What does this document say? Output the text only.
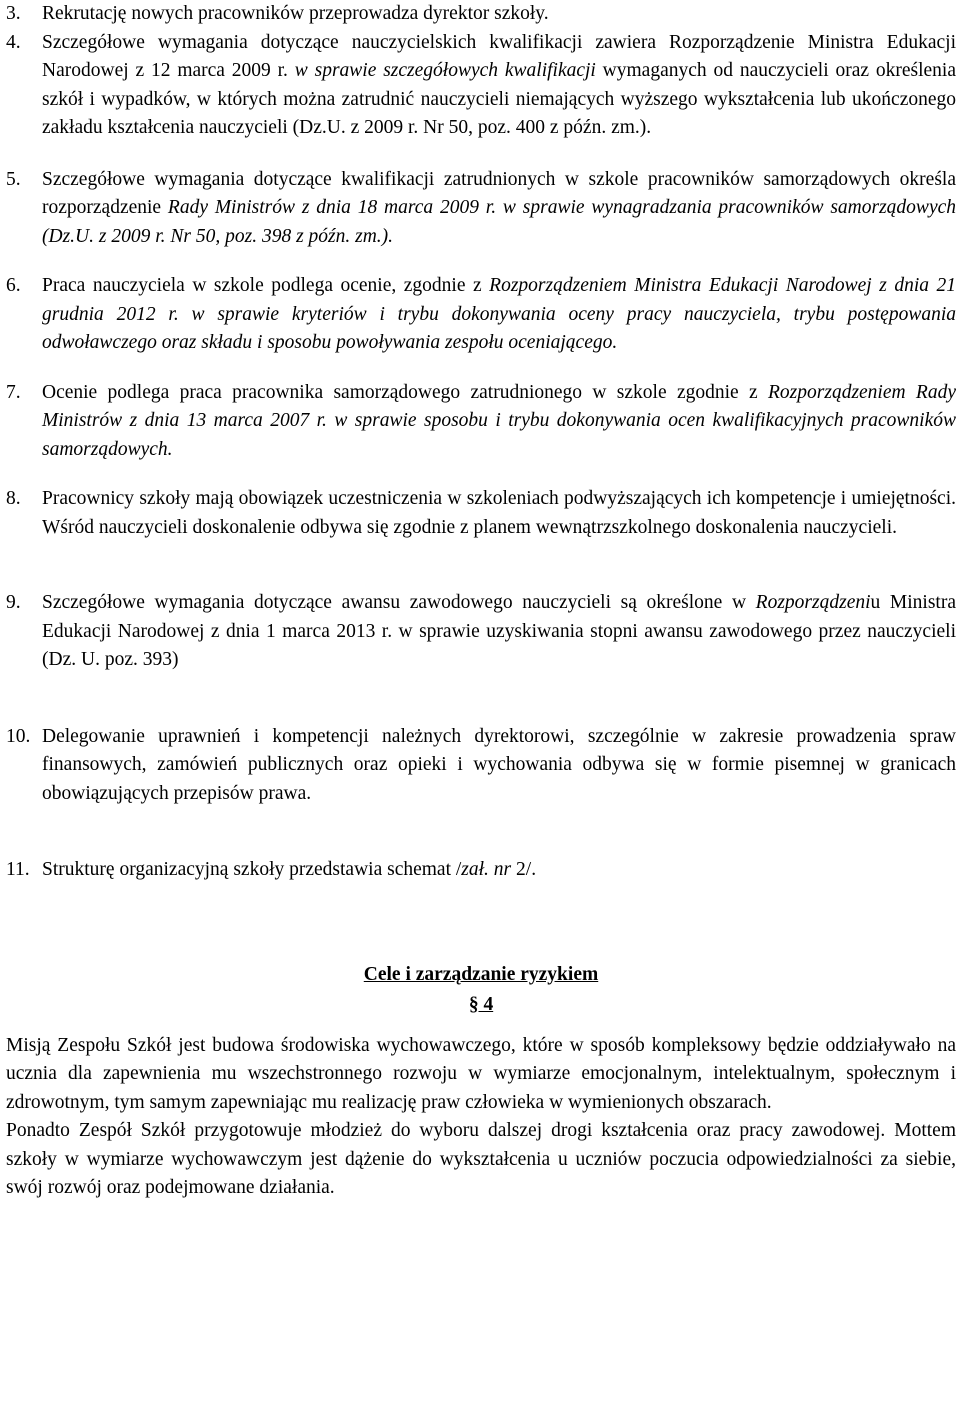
3. Rekrutację nowych pracowników przeprowadza dyrektor szkoły.

4. Szczegółowe wymagania dotyczące nauczycielskich kwalifikacji zawiera Rozporządzenie Ministra Edukacji Narodowej z 12 marca 2009 r. w sprawie szczegółowych kwalifikacji wymaganych od nauczycieli oraz określenia szkół i wypadków, w których można zatrudnić nauczycieli niemających wyższego wykształcenia lub ukończonego zakładu kształcenia nauczycieli (Dz.U. z 2009 r. Nr 50, poz. 400 z późn. zm.).

5. Szczegółowe wymagania dotyczące kwalifikacji zatrudnionych w szkole pracowników samorządowych określa rozporządzenie Rady Ministrów z dnia 18 marca 2009 r. w sprawie wynagradzania pracowników samorządowych (Dz.U. z 2009 r. Nr 50, poz. 398 z późn. zm.).

6. Praca nauczyciela w szkole podlega ocenie, zgodnie z Rozporządzeniem Ministra Edukacji Narodowej z dnia 21 grudnia 2012 r. w sprawie kryteriów i trybu dokonywania oceny pracy nauczyciela, trybu postępowania odwoławczego oraz składu i sposobu powoływania zespołu oceniającego.

7. Ocenie podlega praca pracownika samorządowego zatrudnionego w szkole zgodnie z Rozporządzeniem Rady Ministrów z dnia 13 marca 2007 r. w sprawie sposobu i trybu dokonywania ocen kwalifikacyjnych pracowników samorządowych.

8. Pracownicy szkoły mają obowiązek uczestniczenia w szkoleniach podwyższających ich kompetencje i umiejętności. Wśród nauczycieli doskonalenie odbywa się zgodnie z planem wewnątrzszkolnego doskonalenia nauczycieli.

9. Szczegółowe wymagania dotyczące awansu zawodowego nauczycieli są określone w Rozporządzeniu Ministra Edukacji Narodowej z dnia 1 marca 2013 r. w sprawie uzyskiwania stopni awansu zawodowego przez nauczycieli (Dz. U. poz. 393)

10. Delegowanie uprawnień i kompetencji należnych dyrektorowi, szczególnie w zakresie prowadzenia spraw finansowych, zamówień publicznych oraz opieki i wychowania odbywa się w formie pisemnej w granicach obowiązujących przepisów prawa.

11. Strukturę organizacyjną szkoły przedstawia schemat /zał. nr 2/.

Cele i zarządzanie ryzykiem

§ 4

Misją Zespołu Szkół jest budowa środowiska wychowawczego, które w sposób kompleksowy będzie oddziaływało na ucznia dla zapewnienia mu wszechstronnego rozwoju w wymiarze emocjonalnym, intelektualnym, społecznym i zdrowotnym, tym samym zapewniając mu realizację praw człowieka w wymienionych obszarach.

Ponadto Zespół Szkół przygotowuje młodzież do wyboru dalszej drogi kształcenia oraz pracy zawodowej. Mottem szkoły w wymiarze wychowawczym jest dążenie do wykształcenia u uczniów poczucia odpowiedzialności za siebie, swój rozwój oraz podejmowane działania.
